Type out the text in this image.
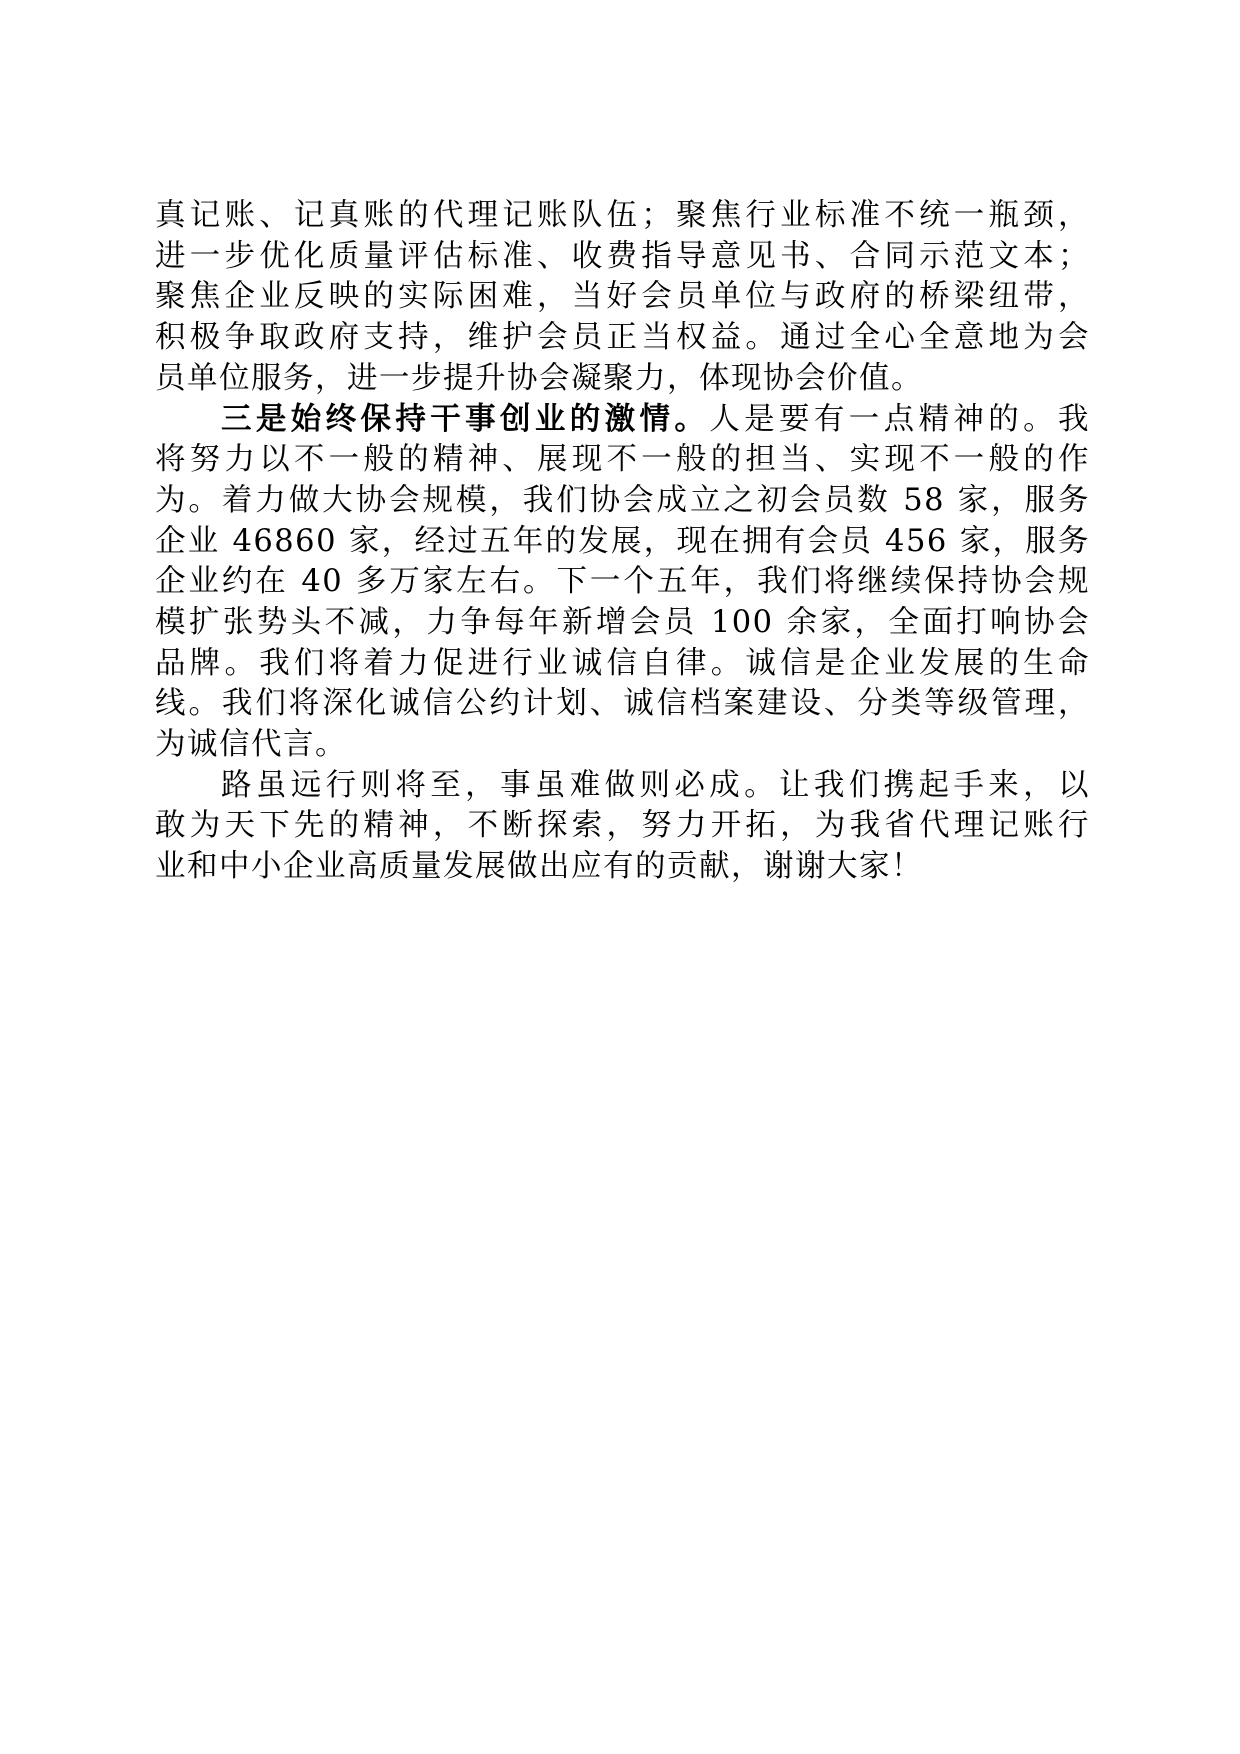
真记账、记真账的代理记账队伍；聚焦行业标准不统一瓶颈，
进一步优化质量评估标准、收费指导意见书、合同示范文本；
聚焦企业反映的实际困难，当好会员单位与政府的桥梁纽带，
积极争取政府支持，维护会员正当权益。通过全心全意地为会
员单位服务，进一步提升协会凝聚力，体现协会价值。
三是始终保持干事创业的激情。人是要有一点精神的。我
将努力以不一般的精神、展现不一般的担当、实现不一般的作
为。着力做大协会规模，我们协会成立之初会员数 58 家，服务
企业 46860 家，经过五年的发展，现在拥有会员 456 家，服务
企业约在 40 多万家左右。下一个五年，我们将继续保持协会规
模扩张势头不减，力争每年新增会员 100 余家，全面打响协会
品牌。我们将着力促进行业诚信自律。诚信是企业发展的生命
线。我们将深化诚信公约计划、诚信档案建设、分类等级管理，
为诚信代言。
路虽远行则将至，事虽难做则必成。让我们携起手来，以
敢为天下先的精神，不断探索，努力开拓，为我省代理记账行
业和中小企业高质量发展做出应有的贡献，谢谢大家！
